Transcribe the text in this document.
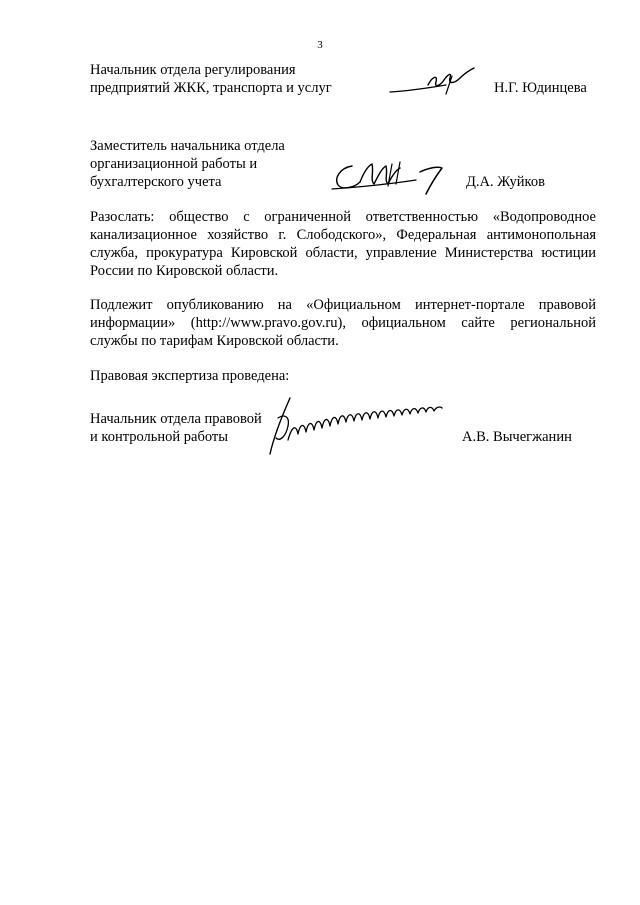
3
Начальник отдела регулирования
предприятий ЖКК, транспорта и услуг	Н.Г. Юдинцева
Заместитель начальника отдела
организационной работы и
бухгалтерского учета	Д.А. Жуйков
Разослать: общество с ограниченной ответственностью «Водопроводное
канализационное хозяйство г. Слободского», Федеральная антимонопольная
служба, прокуратура Кировской области, управление Министерства юстиции
России по Кировской области.
Подлежит опубликованию на «Официальном интернет-портале правовой
информации» (http://www.pravo.gov.ru), официальном сайте региональной
службы по тарифам Кировской области.
Правовая экспертиза проведена:
Начальник отдела правовой
и контрольной работы	А.В. Вычегжанин
